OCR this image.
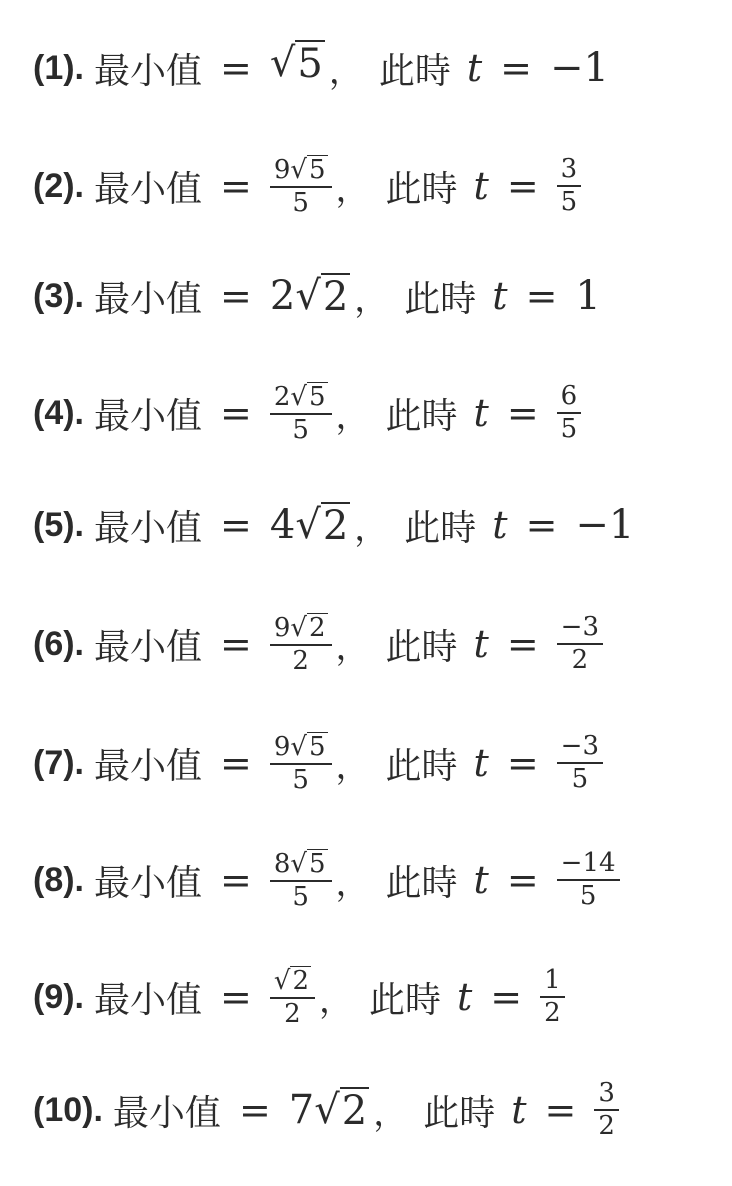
(1). 最小值 = √ 5 ， 此時 t = −1
(2). 最小值 = $\frac{9 √ 5}{5}$ ， 此時 $t = \frac{3}{5}$
(3). 最小值 = 2 √ 2 ， 此時 t = 1
(4). 最小值 = $\frac{2 √ 5}{5}$ ， 此時 $t = \frac{6}{5}$
(5). 最小值 = 4 √ 2 ， 此時 t = −1
(6). 最小值 = $\frac{9 √ 2}{2}$ ， 此時 $t = \frac{-3}{2}$
(7). 最小值 = $\frac{9 √ 5}{5}$ ， 此時 $t = \frac{-3}{5}$
(8). 最小值 = $\frac{8 √ 5}{5}$ ， 此時 $t = \frac{-14}{5}$
(9). 最小值 = $\frac{√ 2}{2}$ ， 此時 $t = \frac{1}{2}$
(10). 最小值 = 7 √ 2 ， 此時 $t = \frac{3}{2}$
